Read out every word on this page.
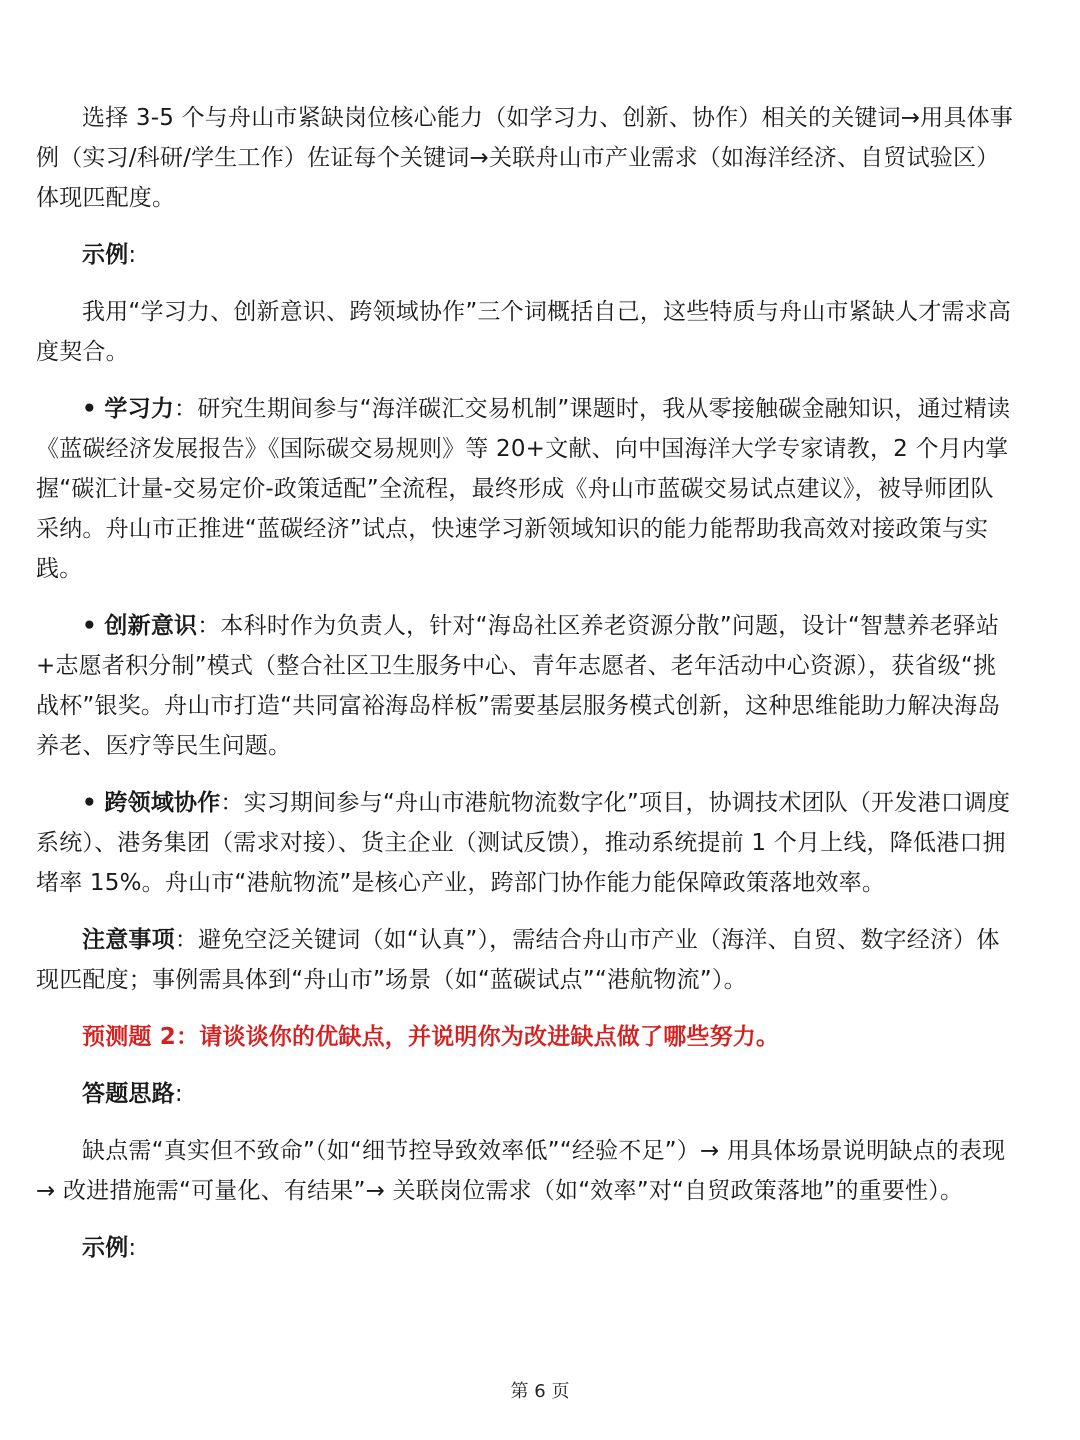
选择 3-5 个与舟山市紧缺岗位核心能力（如学习力、创新、协作）相关的关键词→用具体事例（实习/科研/学生工作）佐证每个关键词→关联舟山市产业需求（如海洋经济、自贸试验区）体现匹配度。

示例:

我用“学习力、创新意识、跨领域协作”三个词概括自己，这些特质与舟山市紧缺人才需求高度契合。

• 学习力：研究生期间参与“海洋碳汇交易机制”课题时，我从零接触碳金融知识，通过精读《蓝碳经济发展报告》《国际碳交易规则》等 20+文献、向中国海洋大学专家请教，2 个月内掌握“碳汇计量-交易定价-政策适配”全流程，最终形成《舟山市蓝碳交易试点建议》，被导师团队采纳。舟山市正推进“蓝碳经济”试点，快速学习新领域知识的能力能帮助我高效对接政策与实践。

• 创新意识：本科时作为负责人，针对“海岛社区养老资源分散”问题，设计“智慧养老驿站+志愿者积分制”模式（整合社区卫生服务中心、青年志愿者、老年活动中心资源），获省级“挑战杯”银奖。舟山市打造“共同富裕海岛样板”需要基层服务模式创新，这种思维能助力解决海岛养老、医疗等民生问题。

• 跨领域协作：实习期间参与“舟山市港航物流数字化”项目，协调技术团队（开发港口调度系统）、港务集团（需求对接）、货主企业（测试反馈），推动系统提前 1 个月上线，降低港口拥堵率 15%。舟山市“港航物流”是核心产业，跨部门协作能力能保障政策落地效率。

注意事项：避免空泛关键词（如“认真”），需结合舟山市产业（海洋、自贸、数字经济）体现匹配度；事例需具体到“舟山市”场景（如“蓝碳试点”“港航物流”）。

预测题 2：请谈谈你的优缺点，并说明你为改进缺点做了哪些努力。

答题思路:

缺点需“真实但不致命”（如“细节控导致效率低”“经验不足”）→ 用具体场景说明缺点的表现→ 改进措施需“可量化、有结果”→ 关联岗位需求（如“效率”对“自贸政策落地”的重要性）。

示例:

第 6 页
